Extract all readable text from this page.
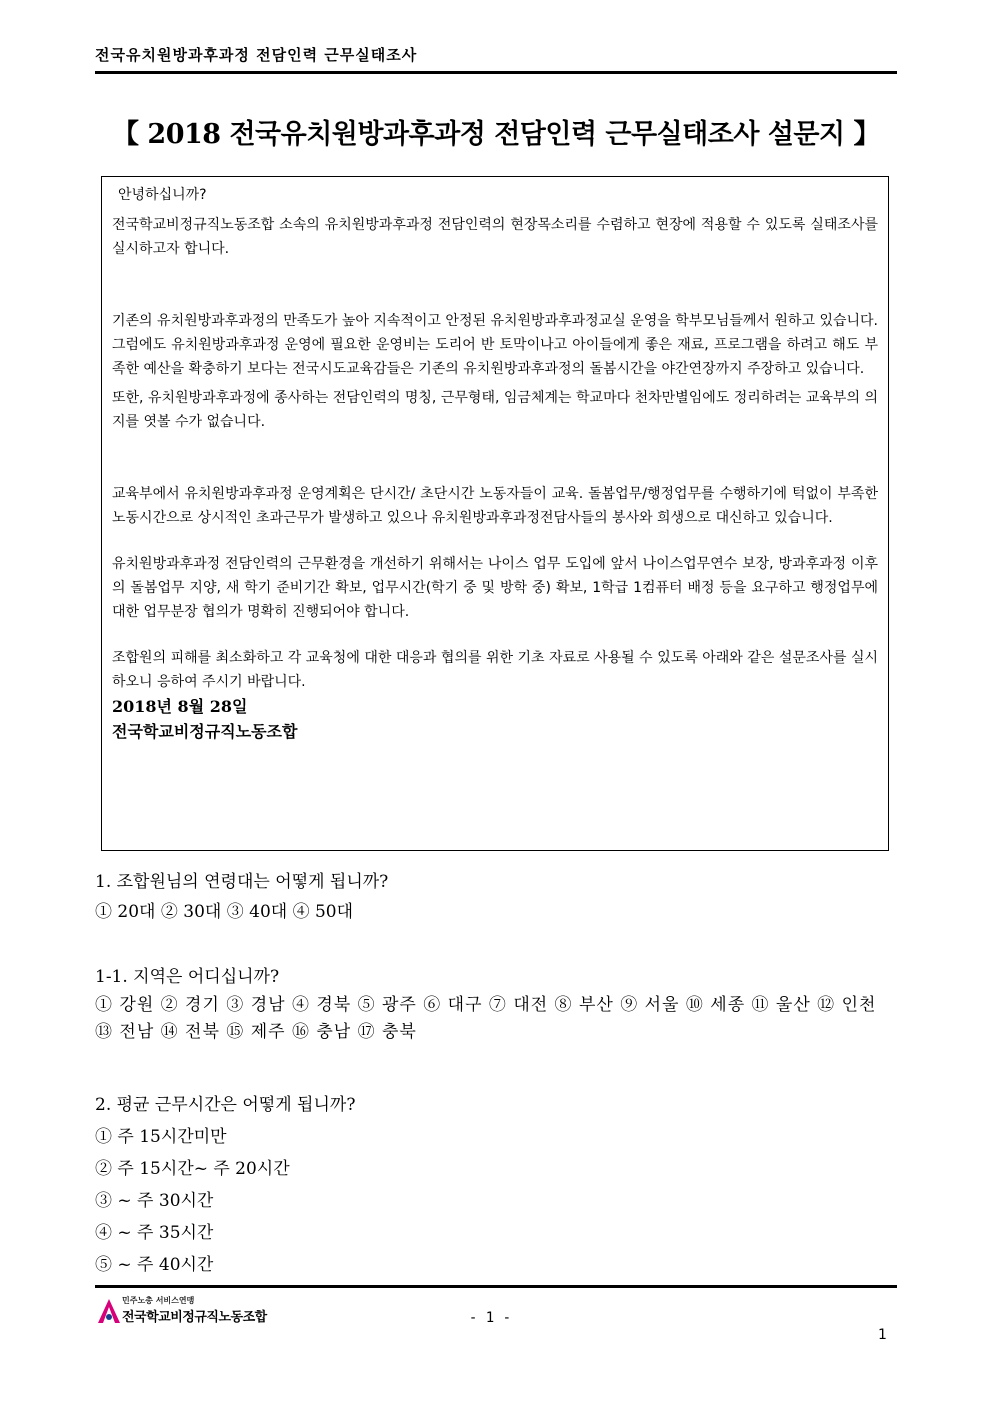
전국유치원방과후과정 전담인력 근무실태조사
【 2018 전국유치원방과후과정 전담인력 근무실태조사 설문지 】

안녕하십니까?

전국학교비정규직노동조합 소속의 유치원방과후과정 전담인력의 현장목소리를 수렴하고 현장에 적용할 수 있도록 실태조사를 실시하고자 합니다.

기존의 유치원방과후과정의 만족도가 높아 지속적이고 안정된 유치원방과후과정교실 운영을 학부모님들께서 원하고 있습니다. 그럼에도 유치원방과후과정 운영에 필요한 운영비는 도리어 반 토막이나고 아이들에게 좋은 재료, 프로그램을 하려고 해도 부족한 예산을 확충하기 보다는 전국시도교육감들은 기존의 유치원방과후과정의 돌봄시간을 야간연장까지 주장하고 있습니다.

또한, 유치원방과후과정에 종사하는 전담인력의 명칭, 근무형태, 임금체계는 학교마다 천차만별임에도 정리하려는 교육부의 의지를 엿볼 수가 없습니다.

교육부에서 유치원방과후과정 운영계획은 단시간/ 초단시간 노동자들이 교육. 돌봄업무/행정업무를 수행하기에 턱없이 부족한 노동시간으로 상시적인 초과근무가 발생하고 있으나 유치원방과후과정전담사들의 봉사와 희생으로 대신하고 있습니다.

유치원방과후과정 전담인력의 근무환경을 개선하기 위해서는 나이스 업무 도입에 앞서 나이스업무연수 보장, 방과후과정 이후의 돌봄업무 지양, 새 학기 준비기간 확보, 업무시간(학기 중 및 방학 중) 확보, 1학급 1컴퓨터 배정 등을 요구하고 행정업무에 대한 업무분장 협의가 명확히 진행되어야 합니다.

조합원의 피해를 최소화하고 각 교육청에 대한 대응과 협의를 위한 기초 자료로 사용될 수 있도록 아래와 같은 설문조사를 실시하오니 응하여 주시기 바랍니다.

2018년 8월 28일

전국학교비정규직노동조합

1. 조합원님의 연령대는 어떻게 됩니까?
① 20대 ② 30대 ③ 40대 ④ 50대
1-1. 지역은 어디십니까?
① 강원 ② 경기 ③ 경남 ④ 경북 ⑤ 광주 ⑥ 대구 ⑦ 대전 ⑧ 부산 ⑨ 서울 ⑩ 세종 ⑪ 울산 ⑫ 인천 ⑬ 전남 ⑭ 전북 ⑮ 제주 ⑯ 충남 ⑰ 충북
2. 평균 근무시간은 어떻게 됩니까?
① 주 15시간미만
② 주 15시간~ 주 20시간
③ ~ 주 30시간
④ ~ 주 35시간
⑤ ~ 주 40시간
민주노총 서비스연맹
전국학교비정규직노동조합	- 1 -
1
